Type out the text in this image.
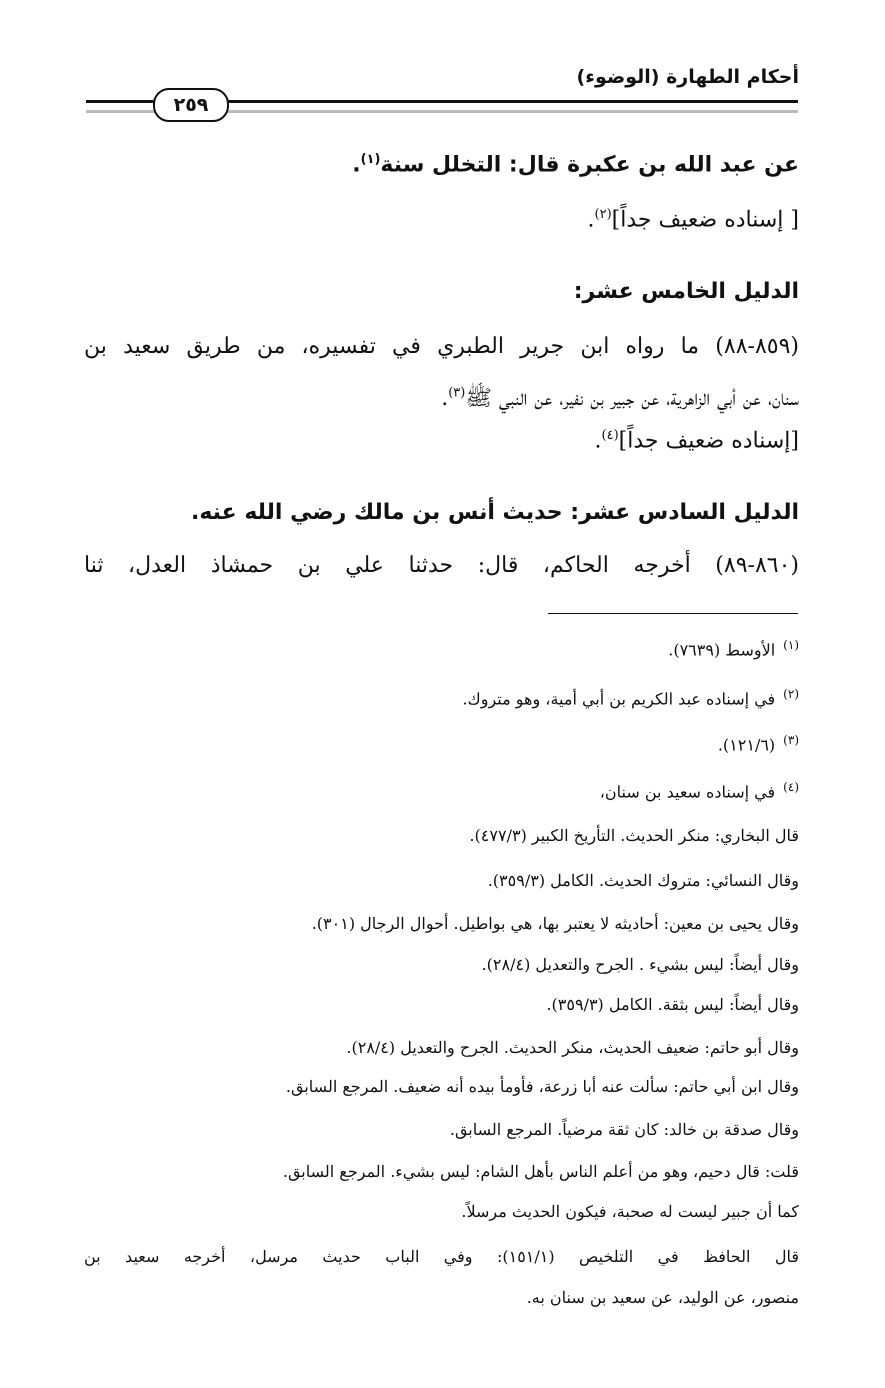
أحكام الطهارة (الوضوء)
٢٥٩
عن عبد الله بن عكبرة قال: التخلل سنة$^{(١)}$.
[ إسناده ضعيف جداً]$^{(٢)}$.
الدليل الخامس عشر:
(٨٥٩-٨٨) ما رواه ابن جرير الطبري في تفسيره، من طريق سعيد بن
سنان، عن أبي الزاهرية، عن جبير بن نفير، عن النبي ﷺ$^{(٣)}$.
[إسناده ضعيف جداً]$^{(٤)}$.
الدليل السادس عشر: حديث أنس بن مالك رضي الله عنه.
(٨٦٠-٨٩) أخرجه الحاكم، قال: حدثنا علي بن حمشاذ العدل، ثنا
$^{(١)}$الأوسط (٧٦٣٩).
$^{(٢)}$في إسناده عبد الكريم بن أبي أمية، وهو متروك.
$^{(٣)}$(١٢١/٦).
$^{(٤)}$في إسناده سعيد بن سنان،
قال البخاري: منكر الحديث. التأريخ الكبير (٤٧٧/٣).
وقال النسائي: متروك الحديث. الكامل (٣٥٩/٣).
وقال يحيى بن معين: أحاديثه لا يعتبر بها، هي بواطيل. أحوال الرجال (٣٠١).
وقال أيضاً: ليس بشيء . الجرح والتعديل (٢٨/٤).
وقال أيضاً: ليس بثقة. الكامل (٣٥٩/٣).
وقال أبو حاتم: ضعيف الحديث، منكر الحديث. الجرح والتعديل (٢٨/٤).
وقال ابن أبي حاتم: سألت عنه أبا زرعة، فأومأ بيده أنه ضعيف. المرجع السابق.
وقال صدقة بن خالد: كان ثقة مرضياً. المرجع السابق.
قلت: قال دحيم، وهو من أعلم الناس بأهل الشام: ليس بشيء. المرجع السابق.
كما أن جبير ليست له صحبة، فيكون الحديث مرسلاً.
قال الحافظ في التلخيص (١٥١/١): وفي الباب حديث مرسل، أخرجه سعيد بن
منصور، عن الوليد، عن سعيد بن سنان به.
